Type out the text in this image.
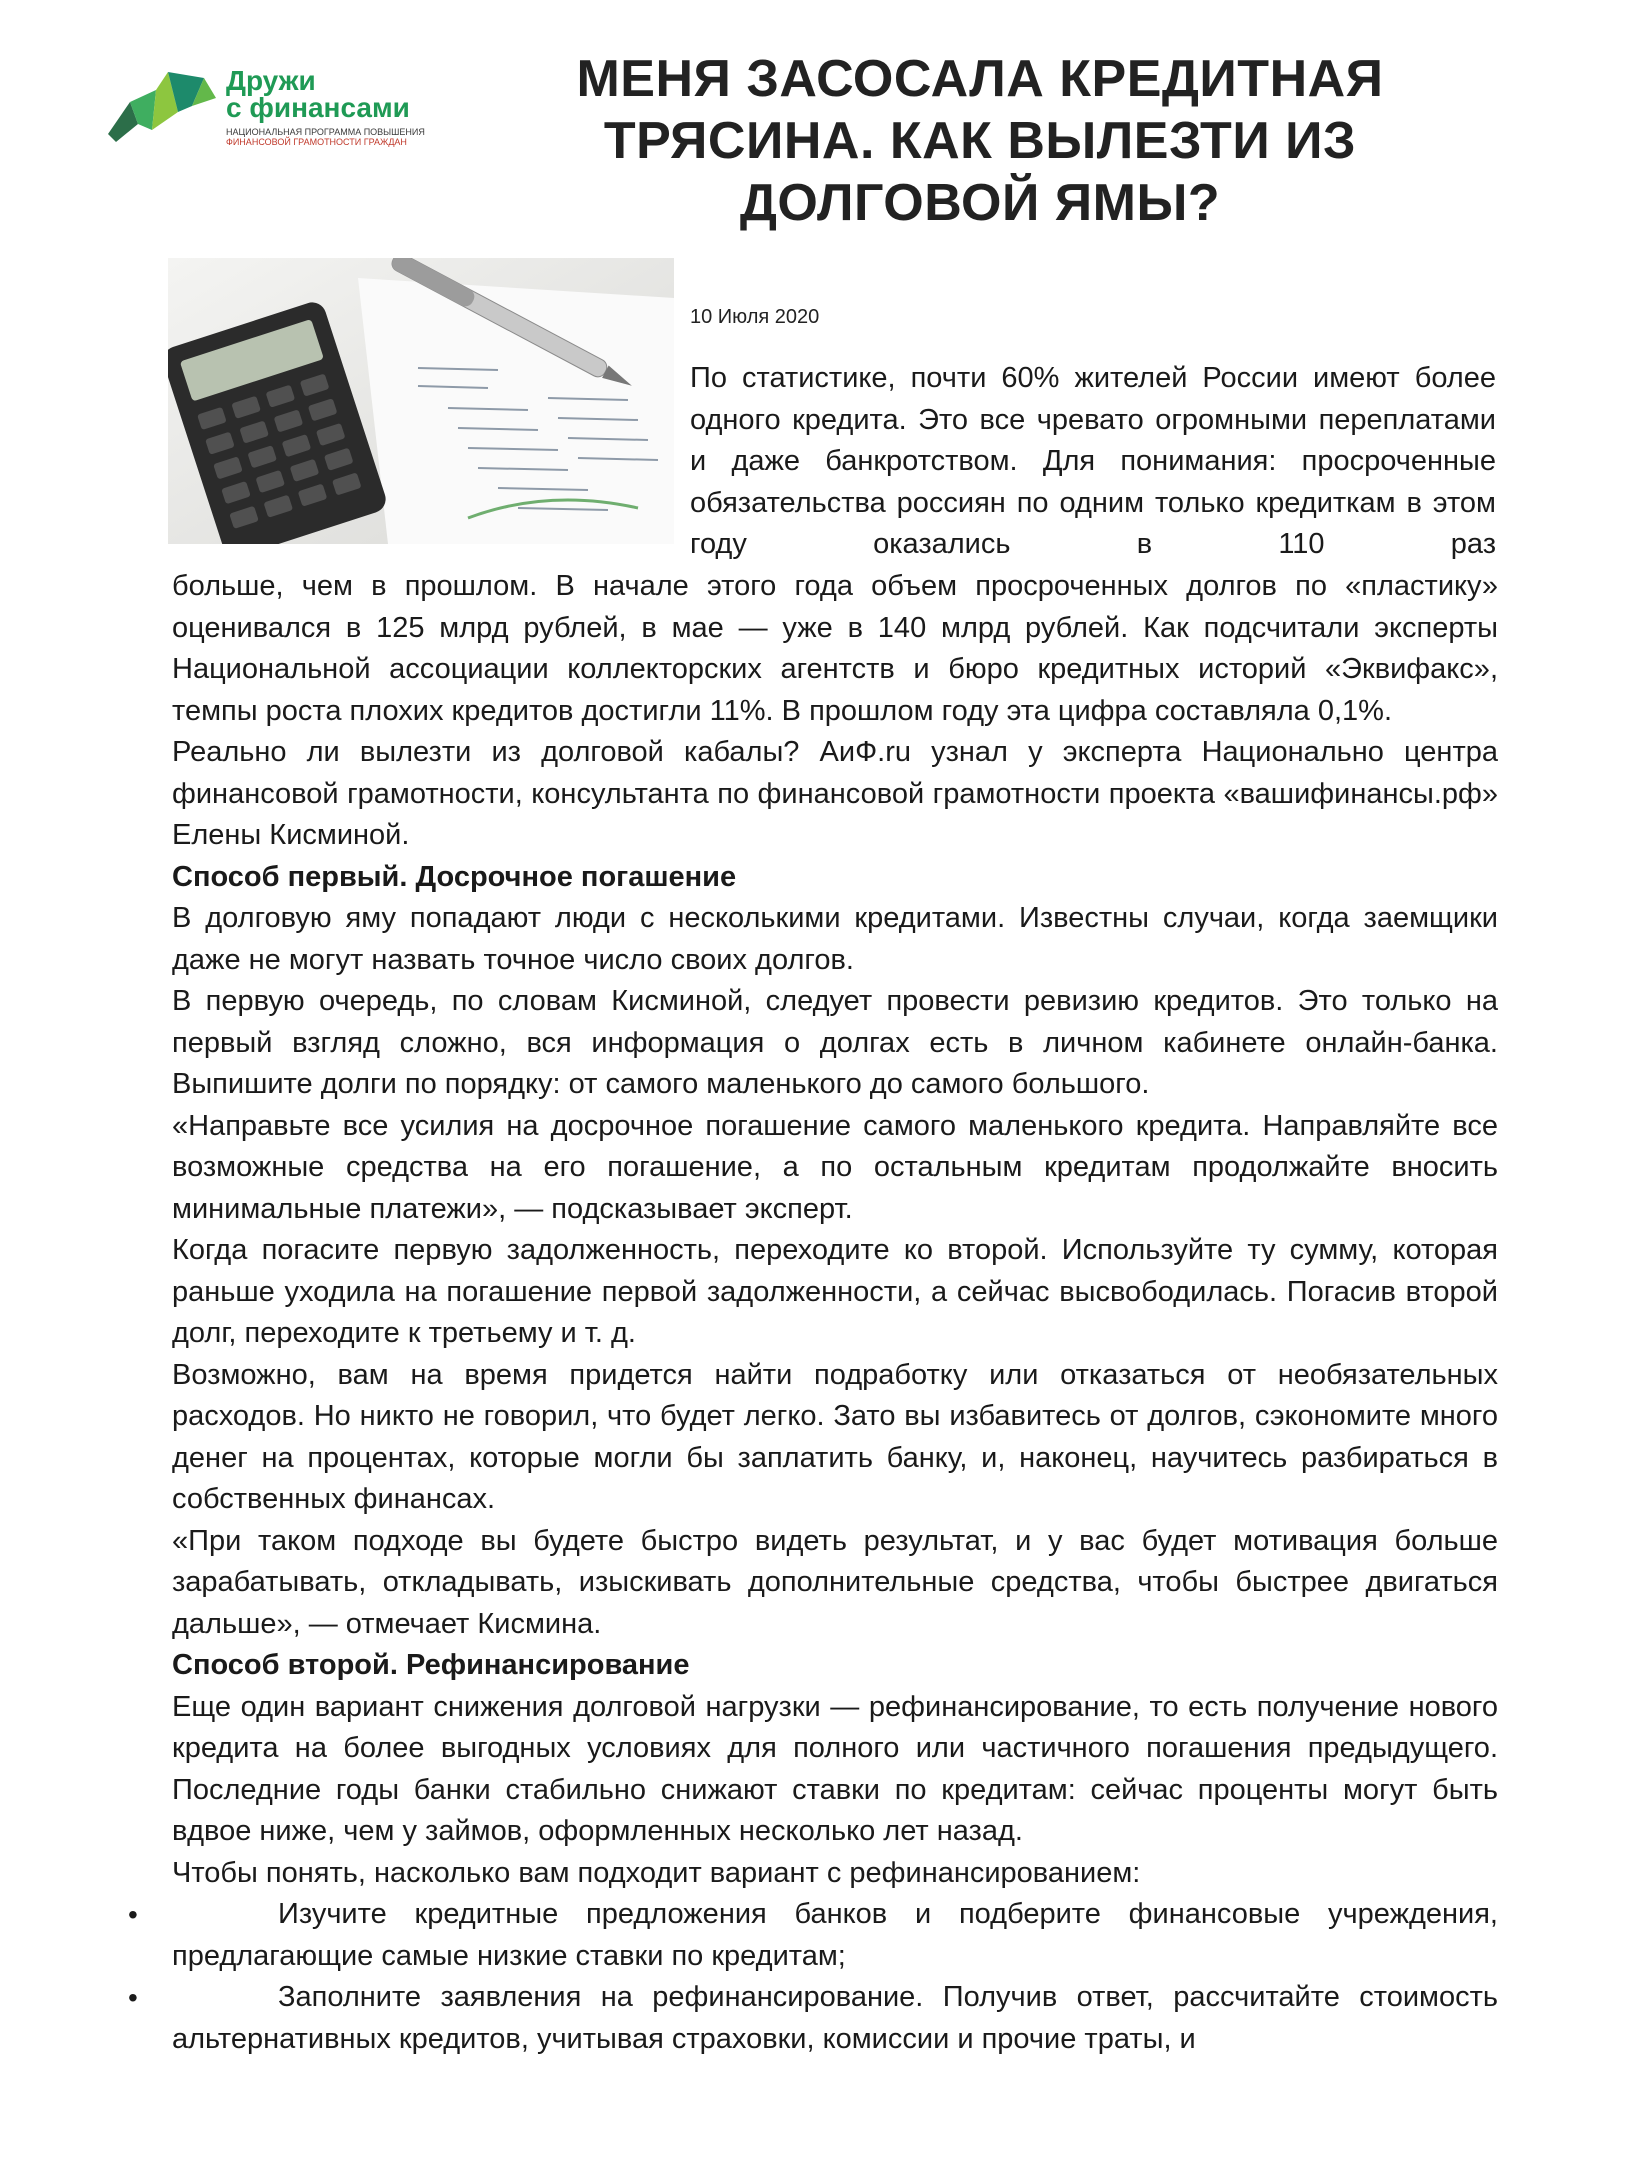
Дружи
с финансами
НАЦИОНАЛЬНАЯ ПРОГРАММА ПОВЫШЕНИЯ
ФИНАНСОВОЙ ГРАМОТНОСТИ ГРАЖДАН
МЕНЯ ЗАСОСАЛА КРЕДИТНАЯ
ТРЯСИНА. КАК ВЫЛЕЗТИ ИЗ
ДОЛГОВОЙ ЯМЫ?
10 Июля 2020

По статистике, почти 60% жителей России имеют более одного кредита. Это все чревато огромными переплатами и даже банкротством. Для понимания: просроченные обязательства россиян по одним только кредиткам в этом году оказались в 110 раз

больше, чем в прошлом. В начале этого года объем просроченных долгов по «пластику» оценивался в 125 млрд рублей, в мае — уже в 140 млрд рублей. Как подсчитали эксперты Национальной ассоциации коллекторских агентств и бюро кредитных историй «Эквифакс», темпы роста плохих кредитов достигли 11%. В прошлом году эта цифра составляла 0,1%.

Реально ли вылезти из долговой кабалы? АиФ.ru узнал у эксперта Национально центра финансовой грамотности, консультанта по финансовой грамотности проекта «вашифинансы.рф» Елены Кисминой.

Способ первый. Досрочное погашение

В долговую яму попадают люди с несколькими кредитами. Известны случаи, когда заемщики даже не могут назвать точное число своих долгов.

В первую очередь, по словам Кисминой, следует провести ревизию кредитов. Это только на первый взгляд сложно, вся информация о долгах есть в личном кабинете онлайн-банка. Выпишите долги по порядку: от самого маленького до самого большого.

«Направьте все усилия на досрочное погашение самого маленького кредита. Направляйте все возможные средства на его погашение, а по остальным кредитам продолжайте вносить минимальные платежи», — подсказывает эксперт.

Когда погасите первую задолженность, переходите ко второй. Используйте ту сумму, которая раньше уходила на погашение первой задолженности, а сейчас высвободилась. Погасив второй долг, переходите к третьему и т. д.

Возможно, вам на время придется найти подработку или отказаться от необязательных расходов. Но никто не говорил, что будет легко. Зато вы избавитесь от долгов, сэкономите много денег на процентах, которые могли бы заплатить банку, и, наконец, научитесь разбираться в собственных финансах.

«При таком подходе вы будете быстро видеть результат, и у вас будет мотивация больше зарабатывать, откладывать, изыскивать дополнительные средства, чтобы быстрее двигаться дальше», — отмечает Кисмина.

Способ второй. Рефинансирование

Еще один вариант снижения долговой нагрузки — рефинансирование, то есть получение нового кредита на более выгодных условиях для полного или частичного погашения предыдущего. Последние годы банки стабильно снижают ставки по кредитам: сейчас проценты могут быть вдвое ниже, чем у займов, оформленных несколько лет назад.

Чтобы понять, насколько вам подходит вариант с рефинансированием:

•	Изучите кредитные предложения банков и подберите финансовые учреждения, предлагающие самые низкие ставки по кредитам;
•	Заполните заявления на рефинансирование. Получив ответ, рассчитайте стоимость альтернативных кредитов, учитывая страховки, комиссии и прочие траты, и
